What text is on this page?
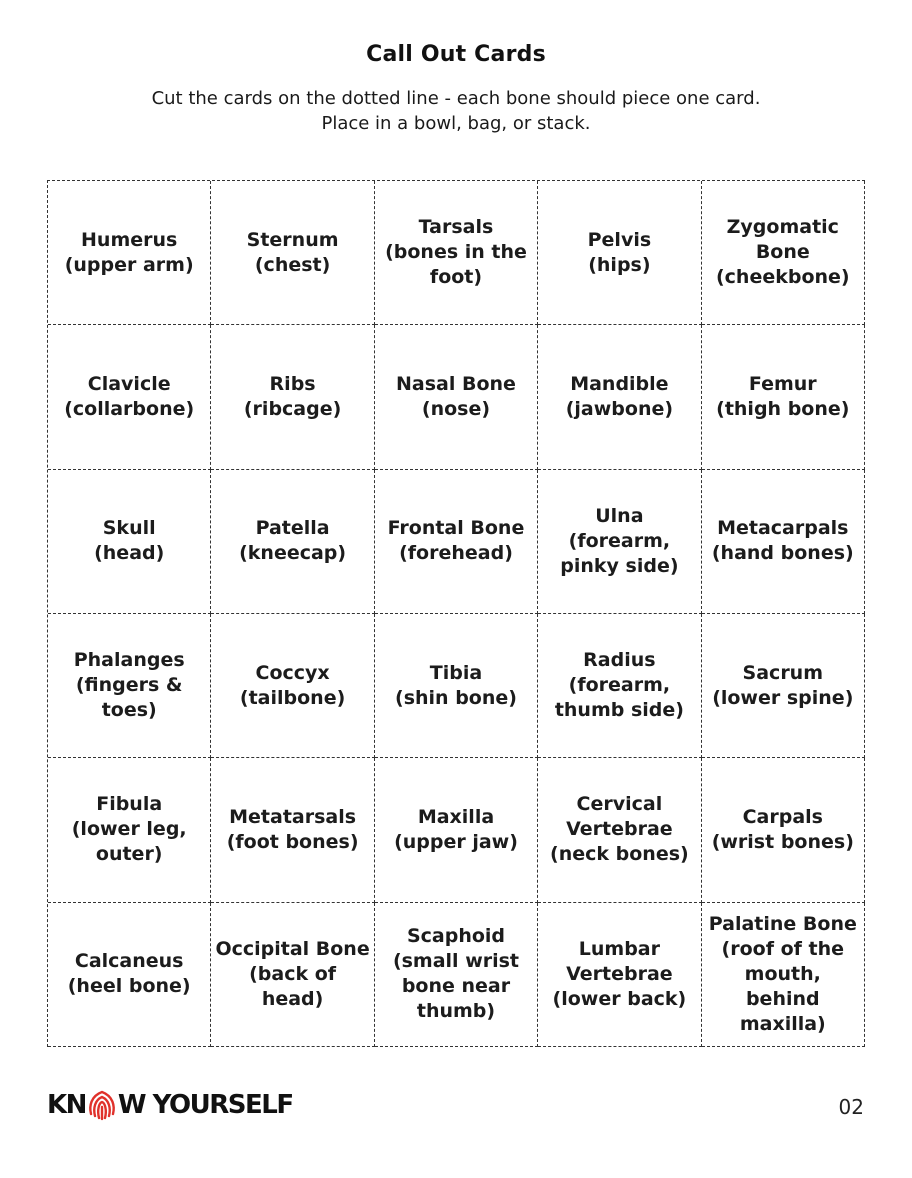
Call Out Cards
Cut the cards on the dotted line - each bone should piece one card.
Place in a bowl, bag, or stack.
Humerus
(upper arm)
Sternum
(chest)
Tarsals
(bones in the
foot)
Pelvis
(hips)
Zygomatic
Bone
(cheekbone)
Clavicle
(collarbone)
Ribs
(ribcage)
Nasal Bone
(nose)
Mandible
(jawbone)
Femur
(thigh bone)
Skull
(head)
Patella
(kneecap)
Frontal Bone
(forehead)
Ulna
(forearm,
pinky side)
Metacarpals
(hand bones)
Phalanges
(fingers & toes)
Coccyx
(tailbone)
Tibia
(shin bone)
Radius
(forearm,
thumb side)
Sacrum
(lower spine)
Fibula
(lower leg,
outer)
Metatarsals
(foot bones)
Maxilla
(upper jaw)
Cervical
Vertebrae
(neck bones)
Carpals
(wrist bones)
Calcaneus
(heel bone)
Occipital Bone
(back of head)
Scaphoid
(small wrist
bone near
thumb)
Lumbar
Vertebrae
(lower back)
Palatine Bone
(roof of the
mouth, behind
maxilla)
KN W YOURSELF	02
